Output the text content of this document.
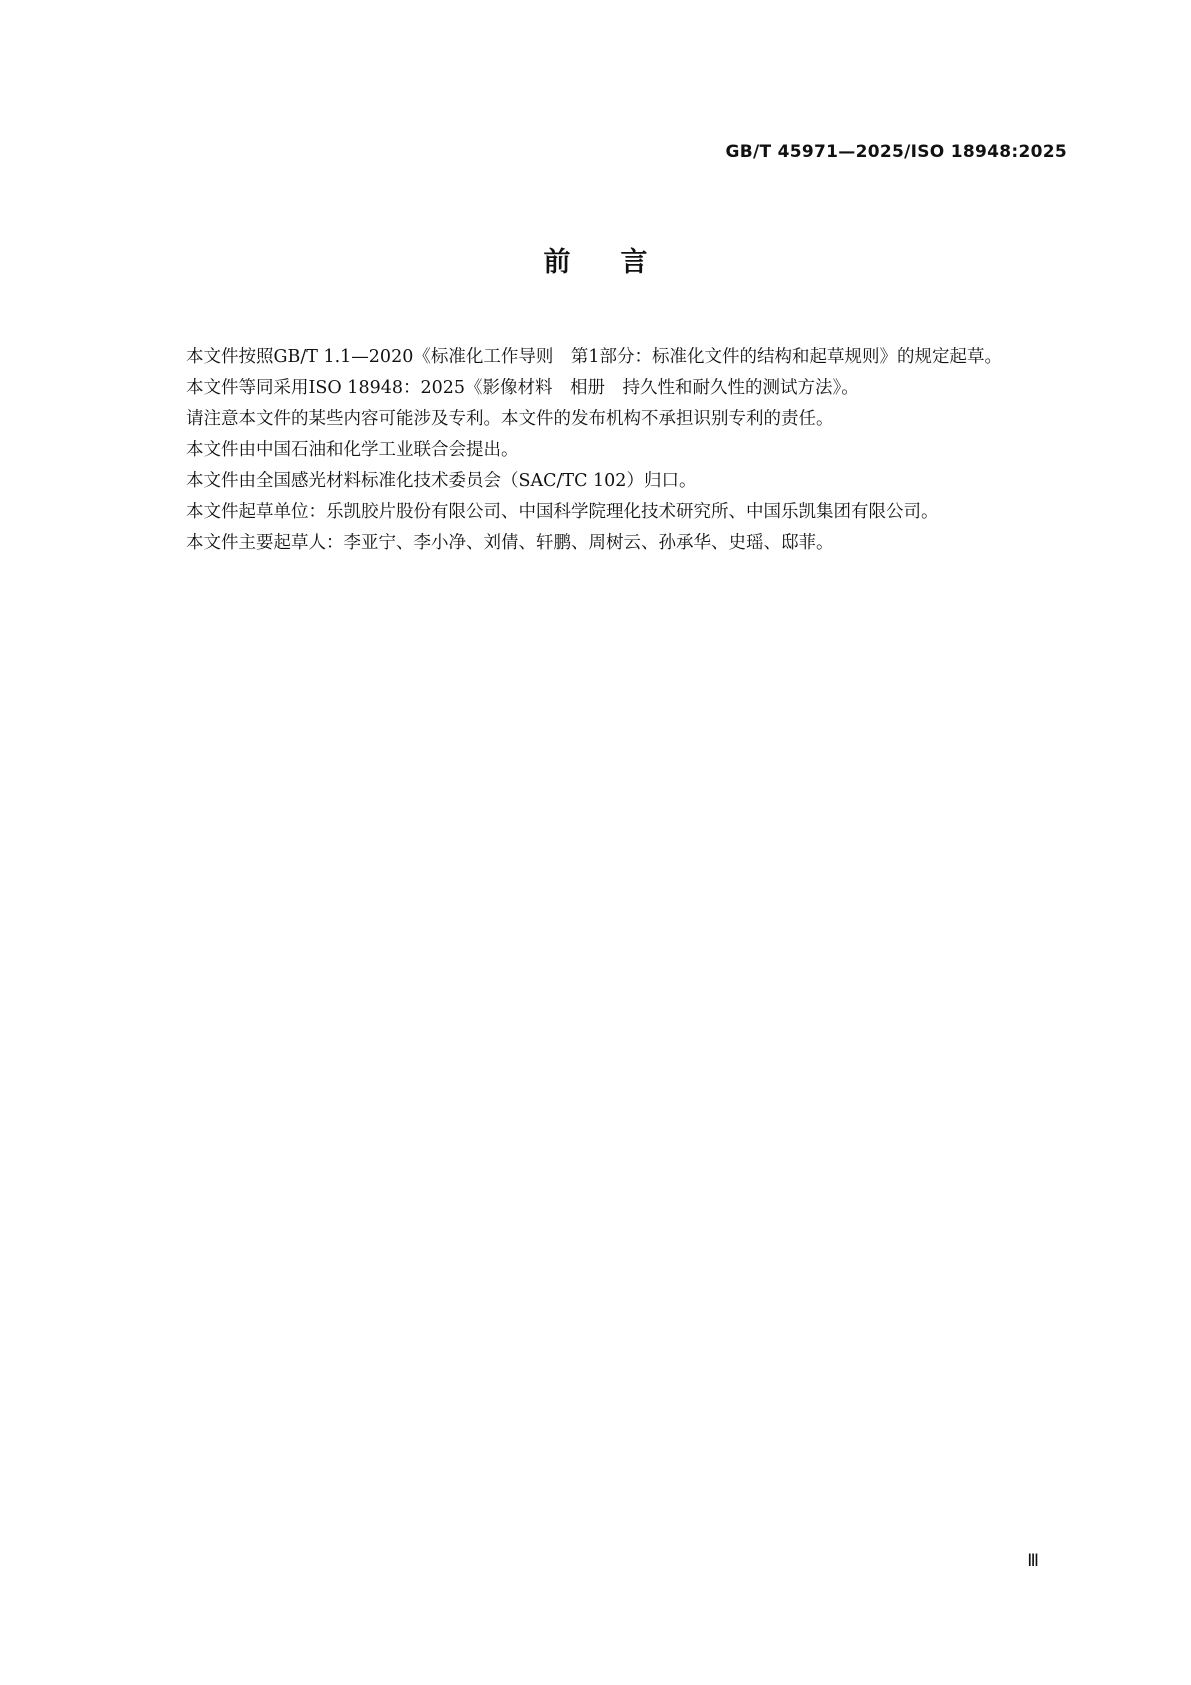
GB/T 45971—2025/ISO 18948:2025
前言

本文件按照GB/T 1.1—2020《标准化工作导则　第1部分：标准化文件的结构和起草规则》的规定起草。

本文件等同采用ISO 18948：2025《影像材料　相册　持久性和耐久性的测试方法》。

请注意本文件的某些内容可能涉及专利。本文件的发布机构不承担识别专利的责任。

本文件由中国石油和化学工业联合会提出。

本文件由全国感光材料标准化技术委员会（SAC/TC 102）归口。

本文件起草单位：乐凯胶片股份有限公司、中国科学院理化技术研究所、中国乐凯集团有限公司。

本文件主要起草人：李亚宁、李小净、刘倩、轩鹏、周树云、孙承华、史瑶、邸菲。

Ⅲ
